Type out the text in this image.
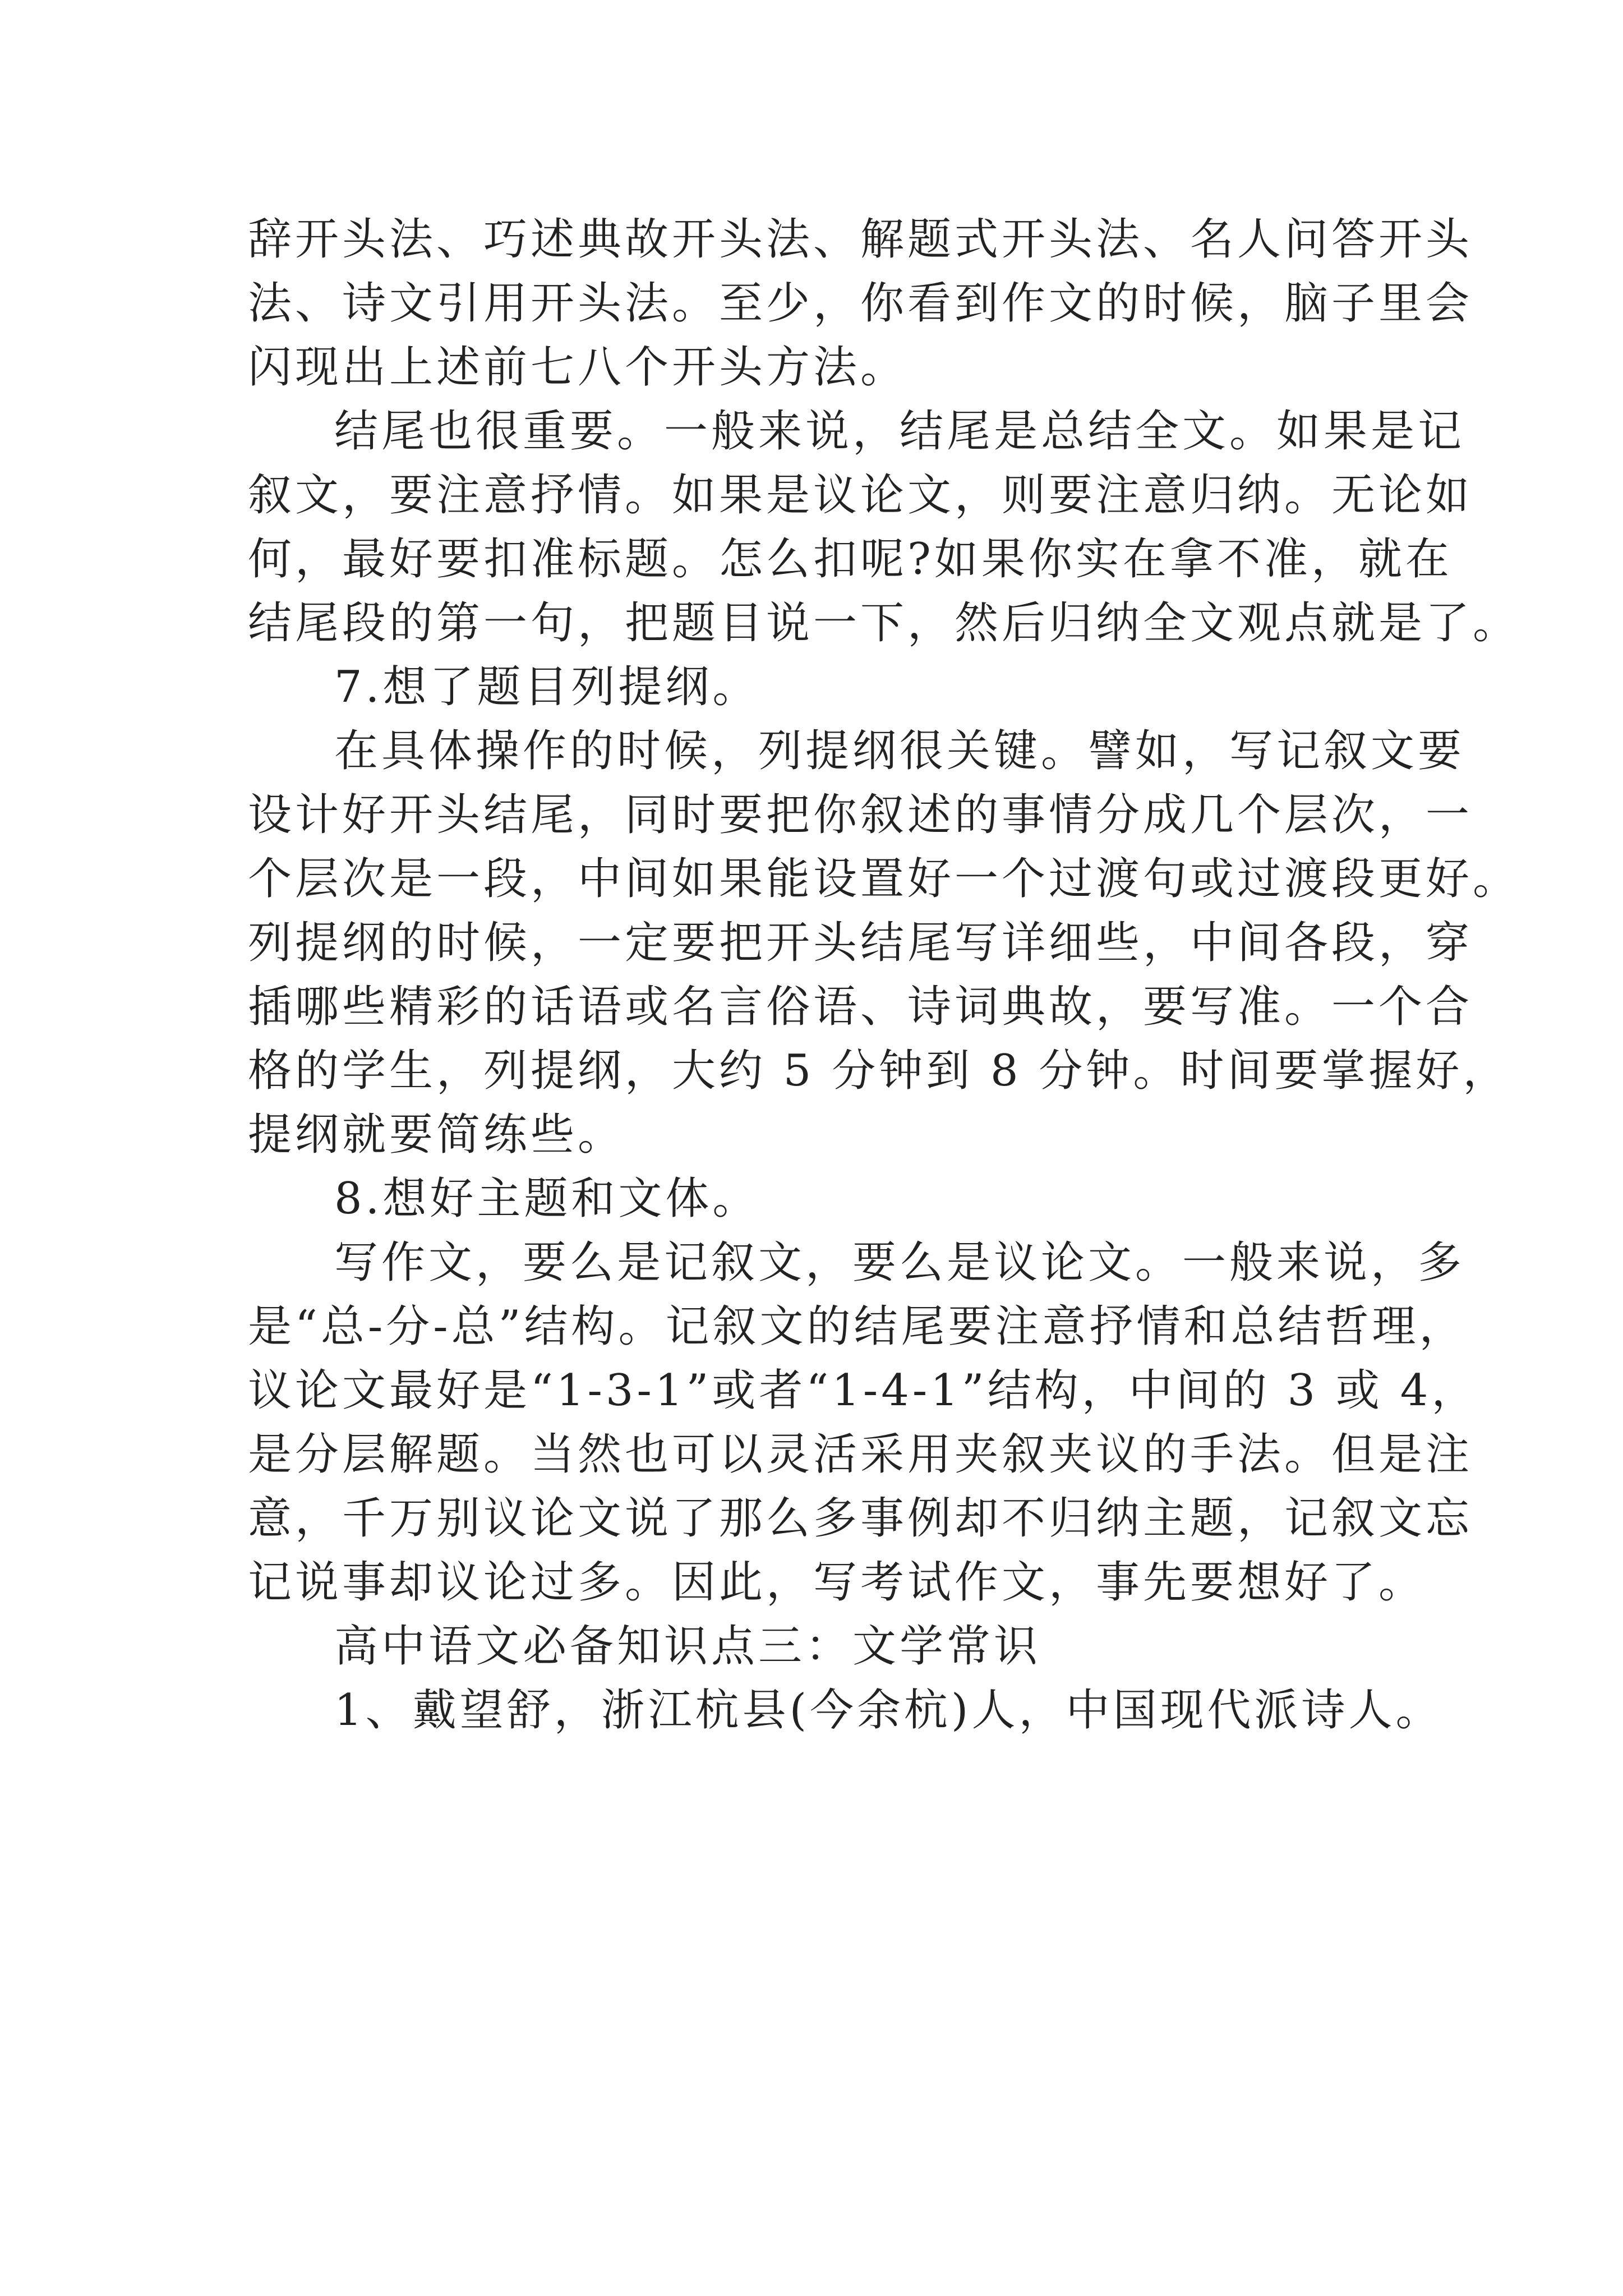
辞开头法、巧述典故开头法、解题式开头法、名人问答开头
法、诗文引用开头法。至少，你看到作文的时候，脑子里会
闪现出上述前七八个开头方法。

结尾也很重要。一般来说，结尾是总结全文。如果是记
叙文，要注意抒情。如果是议论文，则要注意归纳。无论如
何，最好要扣准标题。怎么扣呢?如果你实在拿不准，就在
结尾段的第一句，把题目说一下，然后归纳全文观点就是了。

7.想了题目列提纲。

在具体操作的时候，列提纲很关键。譬如，写记叙文要
设计好开头结尾，同时要把你叙述的事情分成几个层次，一
个层次是一段，中间如果能设置好一个过渡句或过渡段更好。
列提纲的时候，一定要把开头结尾写详细些，中间各段，穿
插哪些精彩的话语或名言俗语、诗词典故，要写准。一个合
格的学生，列提纲，大约 5 分钟到 8 分钟。时间要掌握好，
提纲就要简练些。

8.想好主题和文体。

写作文，要么是记叙文，要么是议论文。一般来说，多
是“总-分-总”结构。记叙文的结尾要注意抒情和总结哲理，
议论文最好是“1-3-1”或者“1-4-1”结构，中间的 3 或 4，
是分层解题。当然也可以灵活采用夹叙夹议的手法。但是注
意，千万别议论文说了那么多事例却不归纳主题，记叙文忘
记说事却议论过多。因此，写考试作文，事先要想好了。

高中语文必备知识点三：文学常识

1、戴望舒，浙江杭县(今余杭)人，中国现代派诗人。
